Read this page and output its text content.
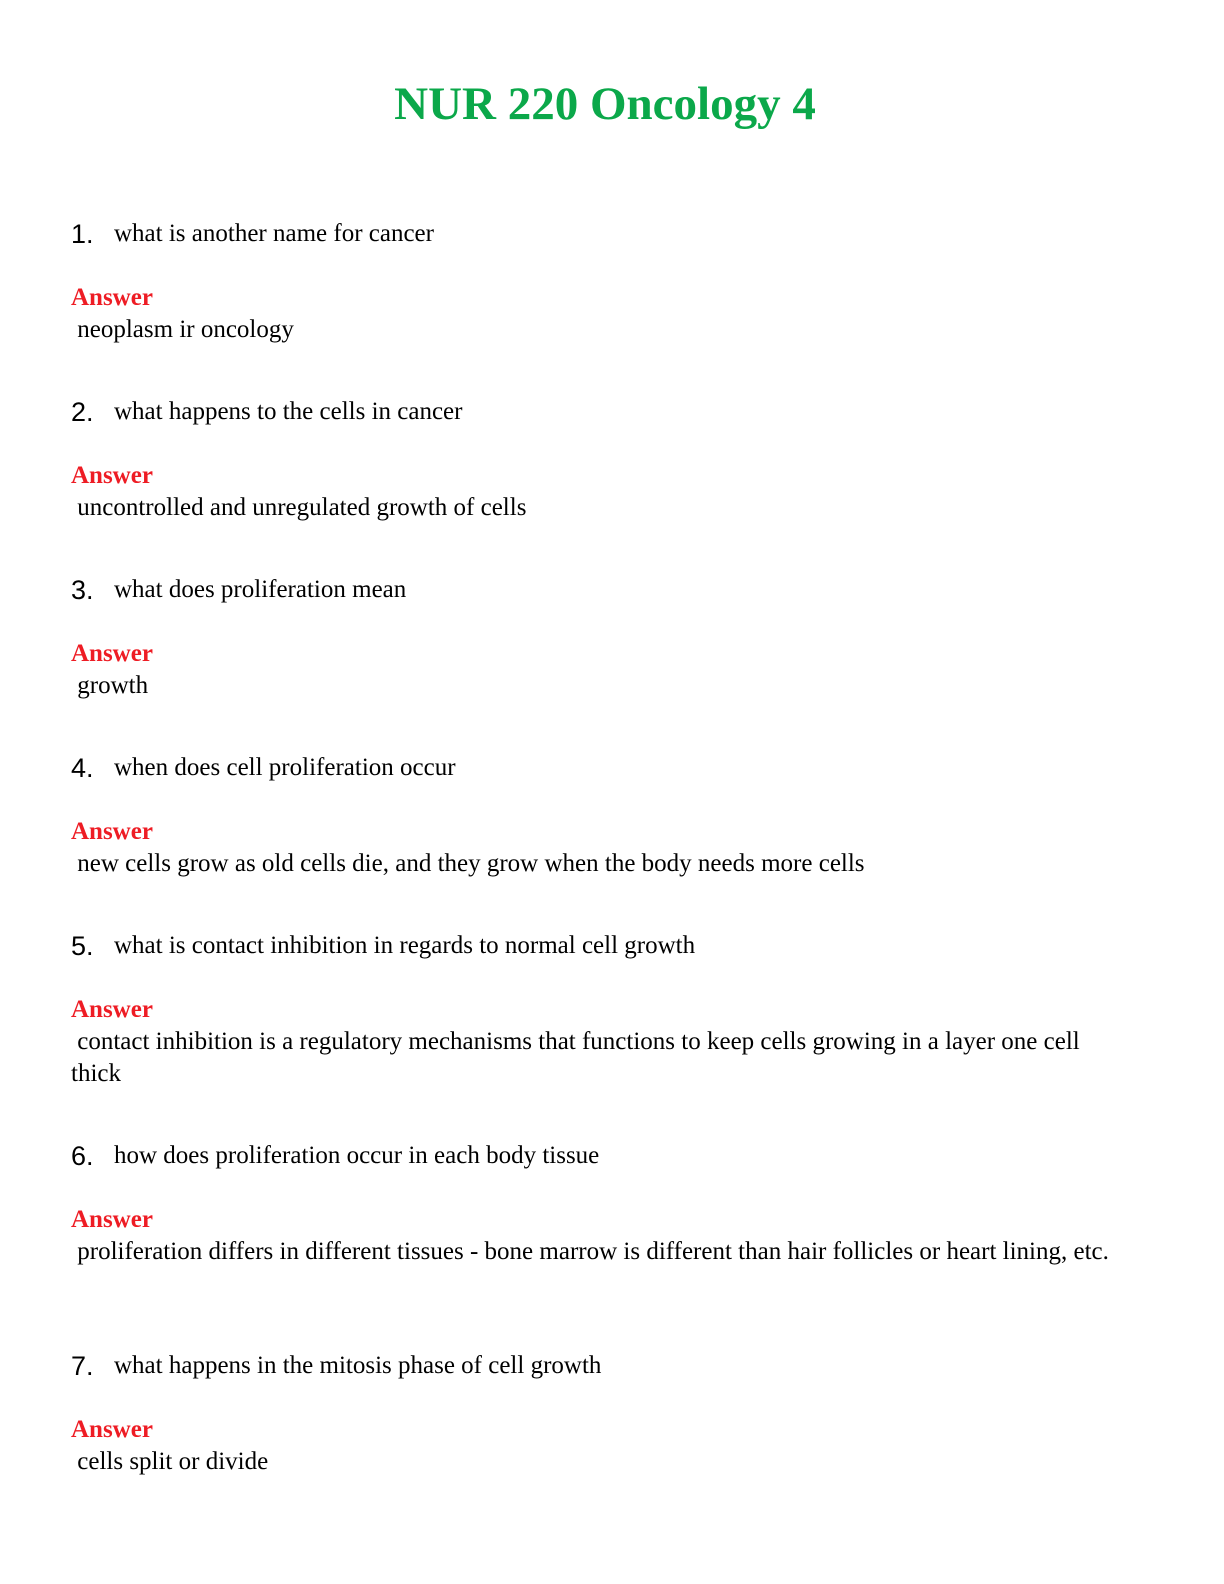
NUR 220 Oncology 4
1. what is another name for cancer
Answer
neoplasm ir oncology
2. what happens to the cells in cancer
Answer
uncontrolled and unregulated growth of cells
3. what does proliferation mean
Answer
growth
4. when does cell proliferation occur
Answer
new cells grow as old cells die, and they grow when the body needs more cells
5. what is contact inhibition in regards to normal cell growth
Answer
contact inhibition is a regulatory mechanisms that functions to keep cells growing in a layer one cell thick
6. how does proliferation occur in each body tissue
Answer
proliferation differs in different tissues - bone marrow is different than hair follicles or heart lining, etc.
7. what happens in the mitosis phase of cell growth
Answer
cells split or divide
